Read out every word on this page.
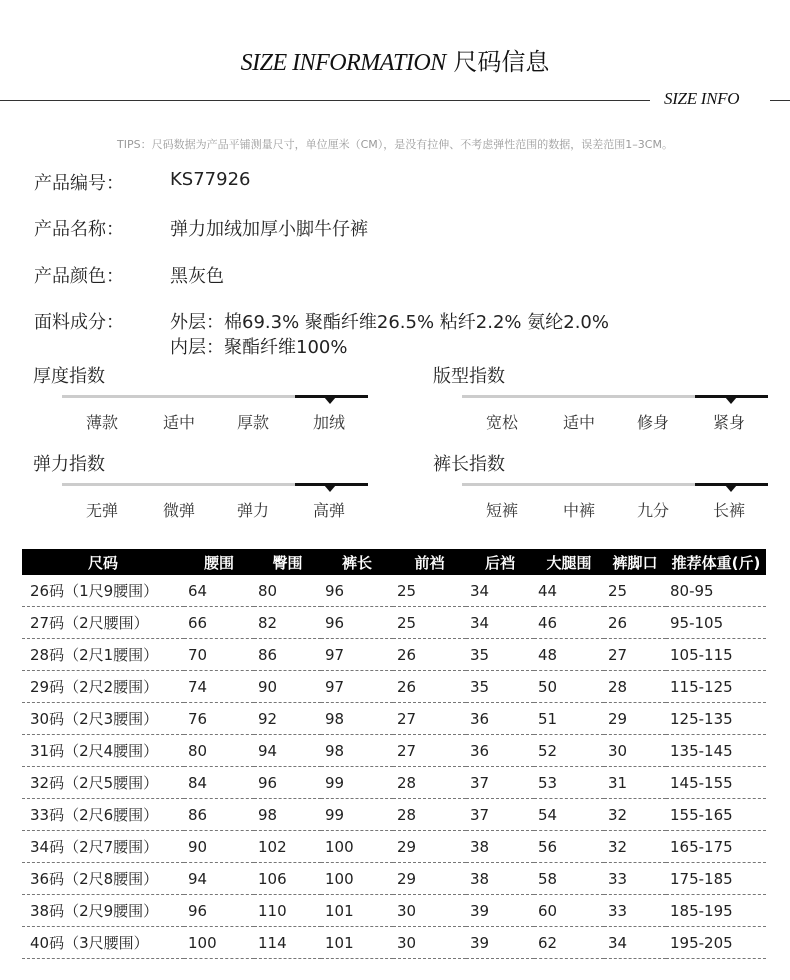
SIZE INFORMATION 尺码信息
SIZE INFO
TIPS：尺码数据为产品平铺测量尺寸，单位厘米（CM），是没有拉伸、不考虑弹性范围的数据，误差范围1–3CM。
产品编号：	KS77926
产品名称：	弹力加绒加厚小脚牛仔裤
产品颜色：	黑灰色
面料成分：	外层：棉69.3% 聚酯纤维26.5% 粘纤2.2% 氨纶2.0%
内层：聚酯纤维100%
厚度指数
薄款	适中	厚款	加绒
版型指数
宽松	适中	修身	紧身
弹力指数
无弹	微弹	弹力	高弹
裤长指数
短裤	中裤	九分	长裤
尺码	腰围	臀围	裤长	前裆	后裆	大腿围	裤脚口	推荐体重(斤)
26码（1尺9腰围）	64	80	96	25	34	44	25	80-95
27码（2尺腰围）	66	82	96	25	34	46	26	95-105
28码（2尺1腰围）	70	86	97	26	35	48	27	105-115
29码（2尺2腰围）	74	90	97	26	35	50	28	115-125
30码（2尺3腰围）	76	92	98	27	36	51	29	125-135
31码（2尺4腰围）	80	94	98	27	36	52	30	135-145
32码（2尺5腰围）	84	96	99	28	37	53	31	145-155
33码（2尺6腰围）	86	98	99	28	37	54	32	155-165
34码（2尺7腰围）	90	102	100	29	38	56	32	165-175
36码（2尺8腰围）	94	106	100	29	38	58	33	175-185
38码（2尺9腰围）	96	110	101	30	39	60	33	185-195
40码（3尺腰围）	100	114	101	30	39	62	34	195-205
